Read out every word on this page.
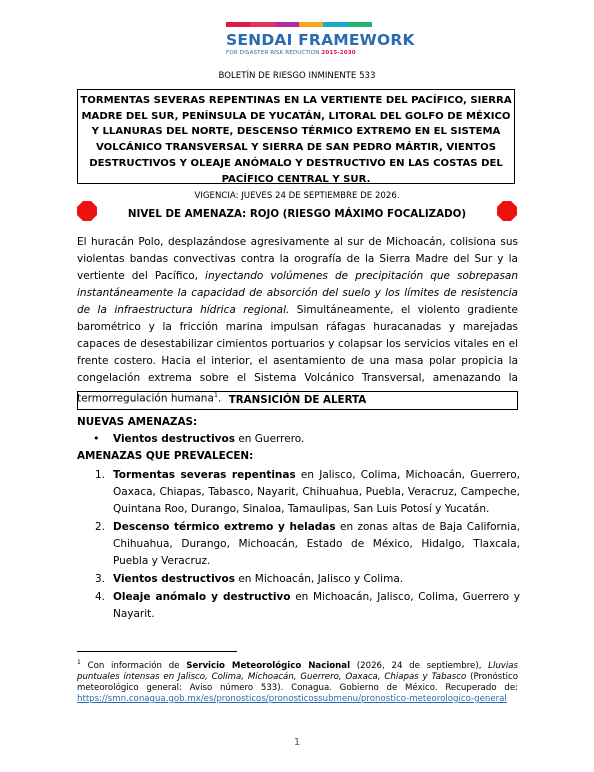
SENDAI FRAMEWORK
FOR DISASTER RISK REDUCTION 2015-2030
BOLETÍN DE RIESGO INMINENTE 533
TORMENTAS SEVERAS REPENTINAS EN LA VERTIENTE DEL PACÍFICO, SIERRA MADRE DEL SUR, PENÍNSULA DE YUCATÁN, LITORAL DEL GOLFO DE MÉXICO Y LLANURAS DEL NORTE, DESCENSO TÉRMICO EXTREMO EN EL SISTEMA VOLCÁNICO TRANSVERSAL Y SIERRA DE SAN PEDRO MÁRTIR, VIENTOS DESTRUCTIVOS Y OLEAJE ANÓMALO Y DESTRUCTIVO EN LAS COSTAS DEL PACÍFICO CENTRAL Y SUR.
VIGENCIA: JUEVES 24 DE SEPTIEMBRE DE 2026.
NIVEL DE AMENAZA: ROJO (RIESGO MÁXIMO FOCALIZADO)

El huracán Polo, desplazándose agresivamente al sur de Michoacán, colisiona sus violentas bandas convectivas contra la orografía de la Sierra Madre del Sur y la vertiente del Pacífico, inyectando volúmenes de precipitación que sobrepasan instantáneamente la capacidad de absorción del suelo y los límites de resistencia de la infraestructura hídrica regional. Simultáneamente, el violento gradiente barométrico y la fricción marina impulsan ráfagas huracanadas y marejadas capaces de desestabilizar cimientos portuarios y colapsar los servicios vitales en el frente costero. Hacia el interior, el asentamiento de una masa polar propicia la congelación extrema sobre el Sistema Volcánico Transversal, amenazando la termorregulación humana$^1$. TRANSICIÓN DE ALERTA
NUEVAS AMENAZAS:
• Vientos destructivos en Guerrero.
AMENAZAS QUE PREVALECEN:
1. Tormentas severas repentinas en Jalisco, Colima, Michoacán, Guerrero, Oaxaca, Chiapas, Tabasco, Nayarit, Chihuahua, Puebla, Veracruz, Campeche, Quintana Roo, Durango, Sinaloa, Tamaulipas, San Luis Potosí y Yucatán.
2. Descenso térmico extremo y heladas en zonas altas de Baja California, Chihuahua, Durango, Michoacán, Estado de México, Hidalgo, Tlaxcala, Puebla y Veracruz.
3. Vientos destructivos en Michoacán, Jalisco y Colima.
4. Oleaje anómalo y destructivo en Michoacán, Jalisco, Colima, Guerrero y Nayarit.
$^1$ Con información de Servicio Meteorológico Nacional (2026, 24 de septiembre), Lluvias puntuales intensas en Jalisco, Colima, Michoacán, Guerrero, Oaxaca, Chiapas y Tabasco (Pronóstico meteorológico general: Aviso número 533). Conagua. Gobierno de México. Recuperado de: https://smn.conagua.gob.mx/es/pronosticos/pronosticossubmenu/pronostico-meteorologico-general
1
